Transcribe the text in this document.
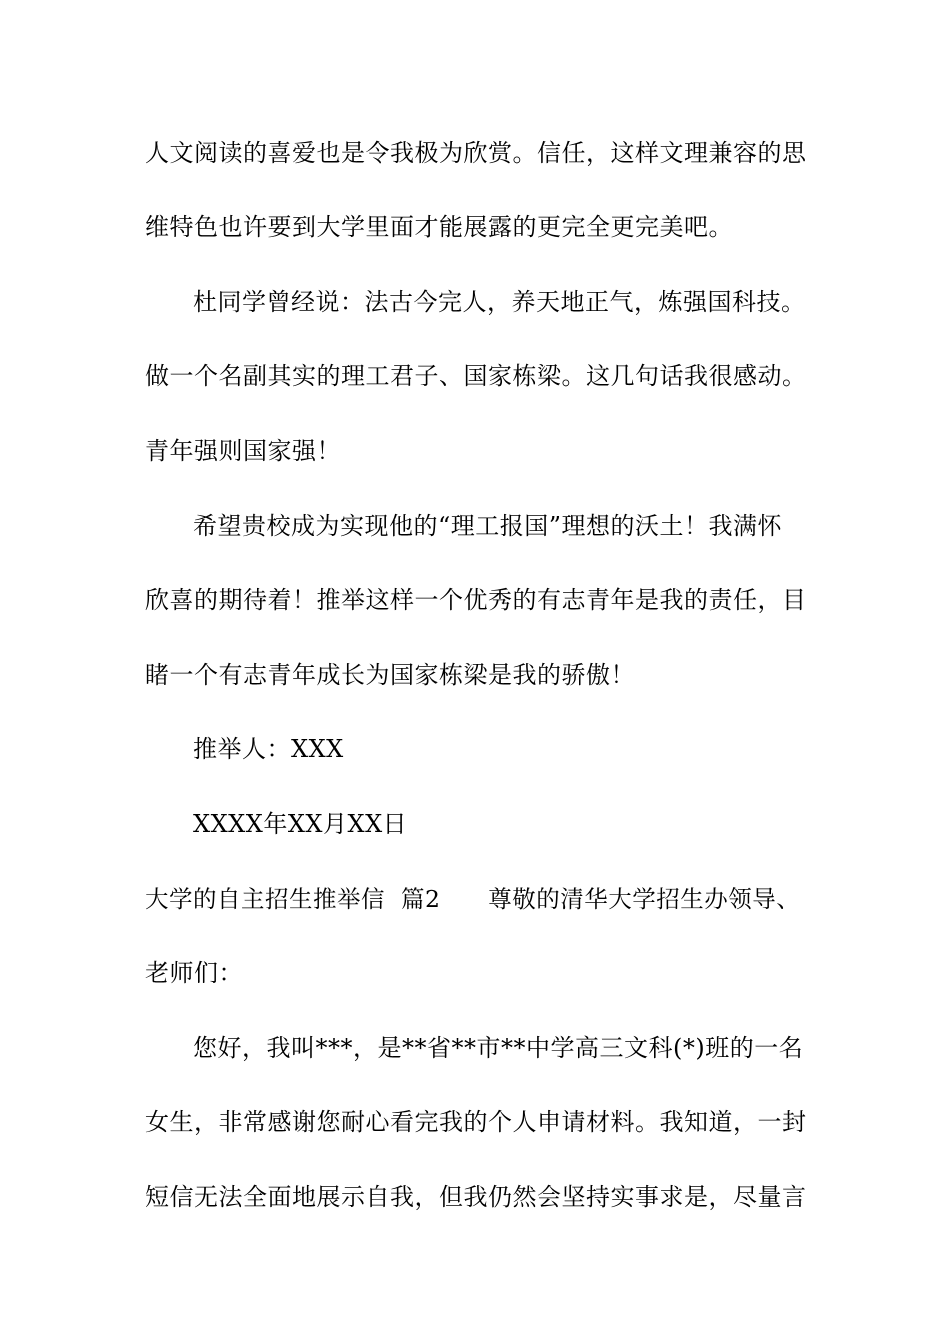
人文阅读的喜爱也是令我极为欣赏。信任，这样文理兼容的思
维特色也许要到大学里面才能展露的更完全更完美吧。
杜同学曾经说：法古今完人，养天地正气，炼强国科技。
做一个名副其实的理工君子、国家栋梁。这几句话我很感动。
青年强则国家强！
希望贵校成为实现他的“理工报国”理想的沃土！我满怀
欣喜的期待着！推举这样一个优秀的有志青年是我的责任，目
睹一个有志青年成长为国家栋梁是我的骄傲！
推举人：XXX
XXXX年XX月XX日
大学的自主招生推举信  篇2      尊敬的清华大学招生办领导、
老师们：
您好，我叫***，是**省**市**中学高三文科(*)班的一名
女生，非常感谢您耐心看完我的个人申请材料。我知道，一封
短信无法全面地展示自我，但我仍然会坚持实事求是，尽量言
